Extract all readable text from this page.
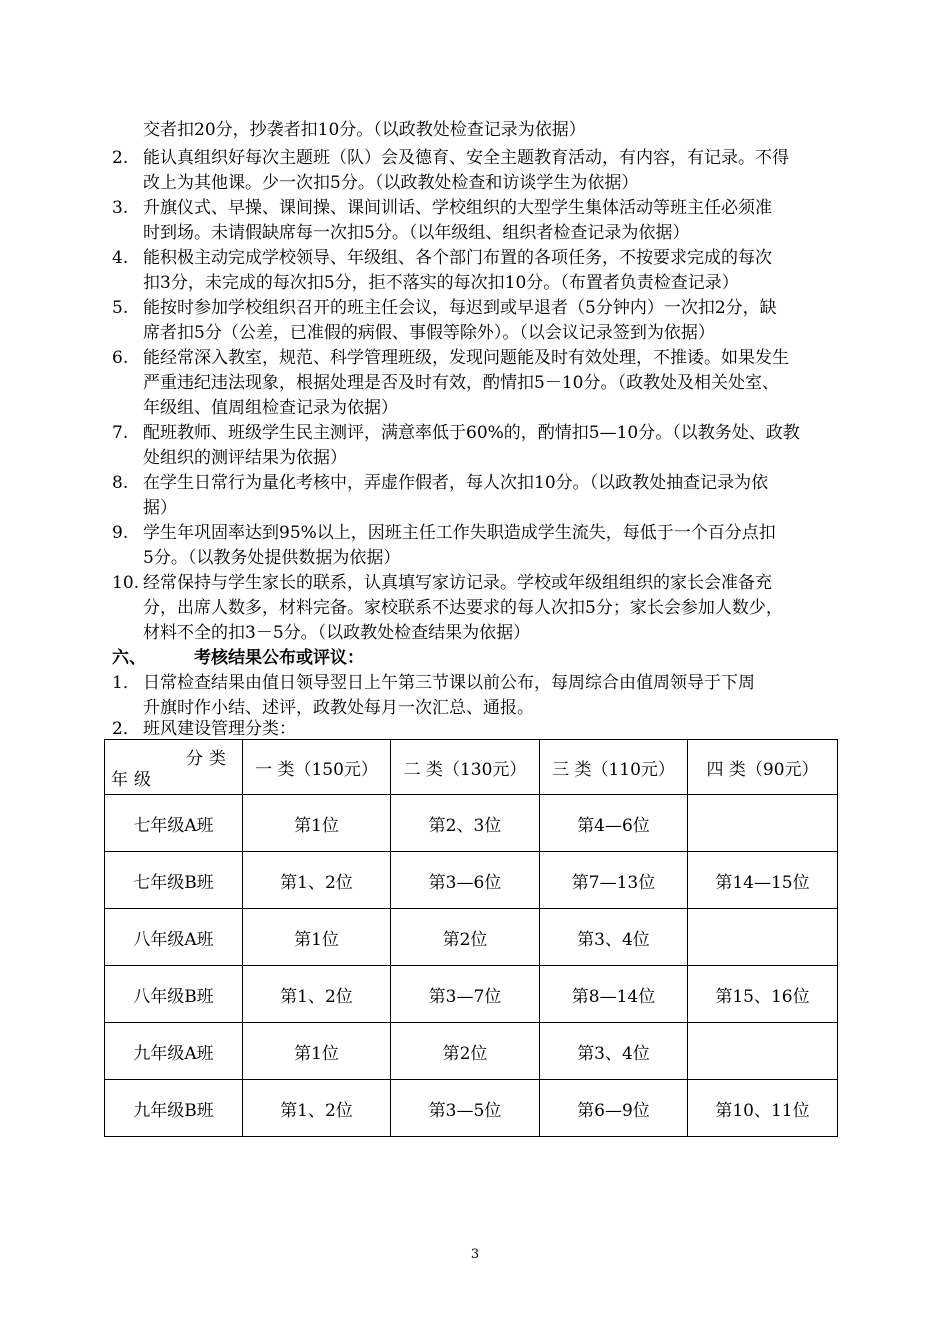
交者扣20分，抄袭者扣10分。（以政教处检查记录为依据）
2. 能认真组织好每次主题班（队）会及德育、安全主题教育活动，有内容，有记录。不得
改上为其他课。少一次扣5分。（以政教处检查和访谈学生为依据）
3. 升旗仪式、早操、课间操、课间训话、学校组织的大型学生集体活动等班主任必须准
时到场。未请假缺席每一次扣5分。（以年级组、组织者检查记录为依据）
4. 能积极主动完成学校领导、年级组、各个部门布置的各项任务，不按要求完成的每次
扣3分，未完成的每次扣5分，拒不落实的每次扣10分。（布置者负责检查记录）
5. 能按时参加学校组织召开的班主任会议，每迟到或早退者（5分钟内）一次扣2分，缺
席者扣5分（公差，已准假的病假、事假等除外）。（以会议记录签到为依据）
6. 能经常深入教室，规范、科学管理班级，发现问题能及时有效处理，不推诿。如果发生
严重违纪违法现象，根据处理是否及时有效，酌情扣5－10分。（政教处及相关处室、
年级组、值周组检查记录为依据）
7. 配班教师、班级学生民主测评，满意率低于60%的，酌情扣5—10分。（以教务处、政教
处组织的测评结果为依据）
8. 在学生日常行为量化考核中，弄虚作假者，每人次扣10分。（以政教处抽查记录为依
据）
9. 学生年巩固率达到95%以上，因班主任工作失职造成学生流失，每低于一个百分点扣
5分。（以教务处提供数据为依据）
10. 经常保持与学生家长的联系，认真填写家访记录。学校或年级组组织的家长会准备充
分，出席人数多，材料完备。家校联系不达要求的每人次扣5分；家长会参加人数少，
材料不全的扣3－5分。（以政教处检查结果为依据）
六、	考核结果公布或评议：
1． 日常检查结果由值日领导翌日上午第三节课以前公布，每周综合由值周领导于下周
升旗时作小结、述评，政教处每月一次汇总、通报。
2． 班风建设管理分类：
分类
年级	一 类（150元）	二 类（130元）	三 类（110元）	四 类（90元）
七年级A班	第1位	第2、3位	第4—6位	
七年级B班	第1、2位	第3—6位	第7—13位	第14—15位
八年级A班	第1位	第2位	第3、4位	
八年级B班	第1、2位	第3—7位	第8—14位	第15、16位
九年级A班	第1位	第2位	第3、4位	
九年级B班	第1、2位	第3—5位	第6—9位	第10、11位
3
